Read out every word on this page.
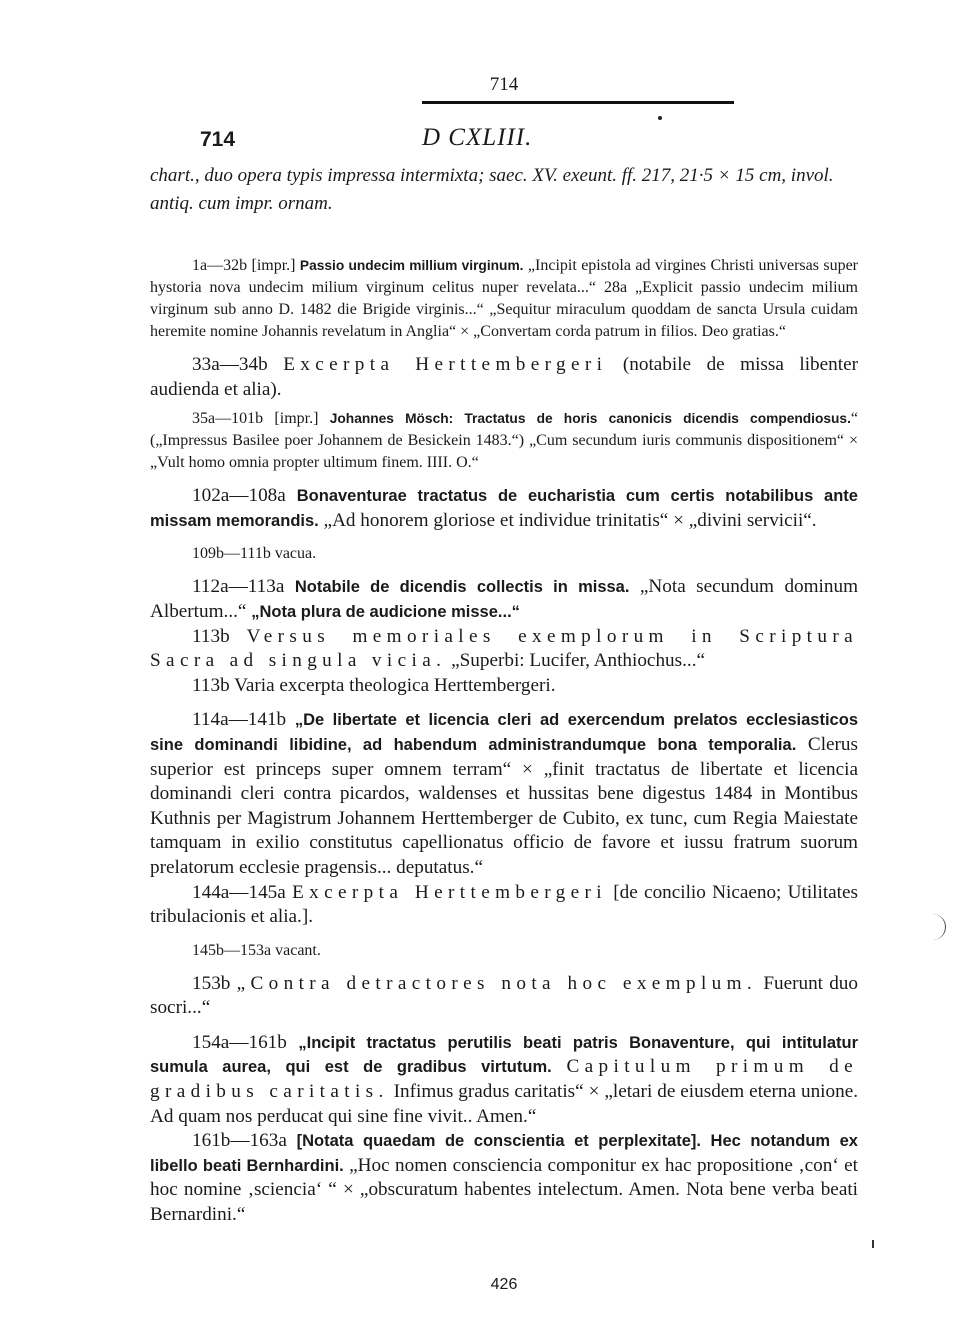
714
714	D CXLIII.
chart., duo opera typis impressa intermixta; saec. XV. exeunt. ff. 217, 21·5 × 15 cm, invol. antiq. cum impr. ornam.

1a—32b [impr.] Passio undecim millium virginum. „Incipit epistola ad virgines Christi universas super hystoria nova undecim milium virginum celitus nuper revelata...“ 28a „Explicit passio undecim milium virginum sub anno D. 1482 die Brigide virginis...“ „Sequitur miraculum quoddam de sancta Ursula cuidam heremite nomine Johannis revelatum in Anglia“ × „Convertam corda patrum in filios. Deo gratias.“

33a—34b Excerpta Herttembergeri (notabile de missa libenter audienda et alia).

35a—101b [impr.] Johannes Mösch: Tractatus de horis canonicis dicendis compendiosus.“ („Impressus Basilee poer Johannem de Besickein 1483.“) „Cum secundum iuris communis dispositionem“ × „Vult homo omnia propter ultimum finem. IIII. O.“

102a—108a Bonaventurae tractatus de eucharistia cum certis notabilibus ante missam memorandis. „Ad honorem gloriose et individue trinitatis“ × „divini servicii“.

109b—111b vacua.

112a—113a Notabile de dicendis collectis in missa. „Nota secundum dominum Albertum...“ „Nota plura de audicione misse...“

113b Versus memoriales exemplorum in Scriptura Sacra ad singula vicia. „Superbi: Lucifer, Anthiochus...“

113b Varia excerpta theologica Herttembergeri.

114a—141b „De libertate et licencia cleri ad exercendum prelatos ecclesiasticos sine dominandi libidine, ad habendum administrandumque bona temporalia. Clerus superior est princeps super omnem terram“ × „finit tractatus de libertate et licencia dominandi cleri contra picardos, waldenses et hussitas bene digestus 1484 in Montibus Kuthnis per Magistrum Johannem Herttemberger de Cubito, ex tunc, cum Regia Maiestate tamquam in exilio constitutus capellionatus officio de favore et iussu fratrum suorum prelatorum ecclesie pragensis... deputatus.“

144a—145a Excerpta Herttembergeri [de concilio Nicaeno; Utilitates tribulacionis et alia.].

145b—153a vacant.

153b „Contra detractores nota hoc exemplum. Fuerunt duo socri...“

154a—161b „Incipit tractatus perutilis beati patris Bonaventure, qui intitulatur sumula aurea, qui est de gradibus virtutum. Capitulum primum de gradibus caritatis. Infimus gradus caritatis“ × „letari de eiusdem eterna unione. Ad quam nos perducat qui sine fine vivit.. Amen.“

161b—163a [Notata quaedam de conscientia et perplexitate]. Hec notandum ex libello beati Bernhardini. „Hoc nomen consciencia componitur ex hac propositione ‚con‘ et hoc nomine ‚sciencia‘ “ × „obscuratum habentes intelectum. Amen. Nota bene verba beati Bernardini.“

426
